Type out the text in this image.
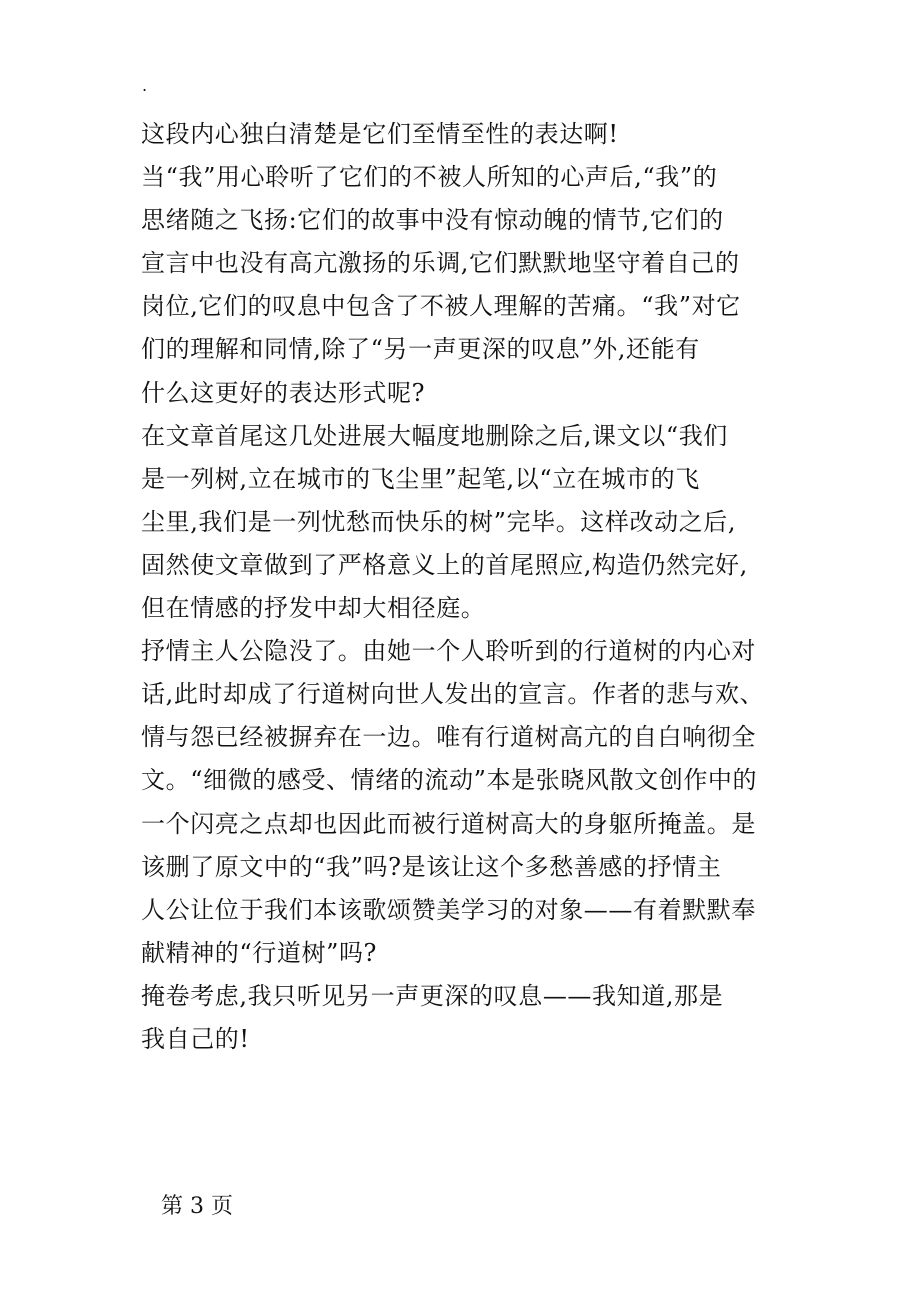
.
这段内心独白清楚是它们至情至性的表达啊!
当“我”用心聆听了它们的不被人所知的心声后,“我”的
思绪随之飞扬:它们的故事中没有惊动魄的情节,它们的
宣言中也没有高亢激扬的乐调,它们默默地坚守着自己的
岗位,它们的叹息中包含了不被人理解的苦痛。“我”对它
们的理解和同情,除了“另一声更深的叹息”外,还能有
什么这更好的表达形式呢?
在文章首尾这几处进展大幅度地删除之后,课文以“我们
是一列树,立在城市的飞尘里”起笔,以“立在城市的飞
尘里,我们是一列忧愁而快乐的树”完毕。这样改动之后,
固然使文章做到了严格意义上的首尾照应,构造仍然完好,
但在情感的抒发中却大相径庭。
抒情主人公隐没了。由她一个人聆听到的行道树的内心对
话,此时却成了行道树向世人发出的宣言。作者的悲与欢、
情与怨已经被摒弃在一边。唯有行道树高亢的自白响彻全
文。“细微的感受、情绪的流动”本是张晓风散文创作中的
一个闪亮之点却也因此而被行道树高大的身躯所掩盖。是
该删了原文中的“我”吗?是该让这个多愁善感的抒情主
人公让位于我们本该歌颂赞美学习的对象——有着默默奉
献精神的“行道树”吗?
掩卷考虑,我只听见另一声更深的叹息——我知道,那是
我自己的!
第 3 页
